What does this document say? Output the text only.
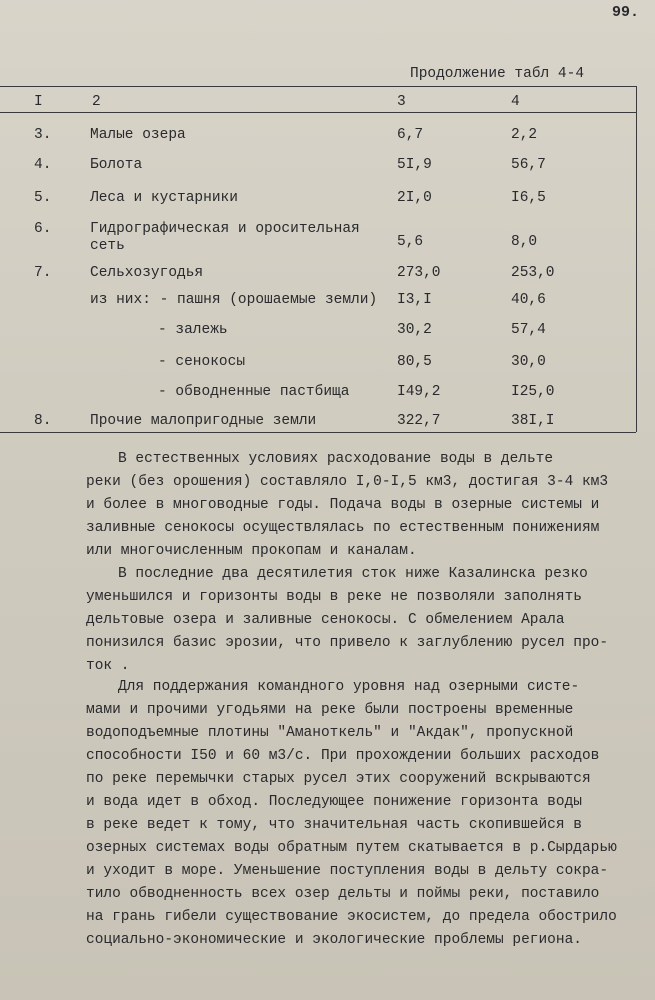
99.
Продолжение табл 4-4
I	2	3	4
3.	Малые озера	6,7	2,2
4.	Болота	5I,9	56,7
5.	Леса и кустарники	2I,0	I6,5
6.	Гидрографическая и оросительная
сеть	5,6	8,0
7.	Сельхозугодья	273,0	253,0
из них: - пашня (орошаемые земли) I3,I	40,6
- залежь	30,2	57,4
- сенокосы	80,5	30,0
- обводненные пастбища	I49,2	I25,0
8.	Прочие малопригодные земли	322,7	38I,I
В естественных условиях расходование воды в дельте
реки (без орошения) составляло I,0-I,5 км3, достигая 3-4 км3
и более в многоводные годы. Подача воды в озерные системы и
заливные сенокосы осуществлялась по естественным понижениям
или многочисленным прокопам и каналам.
В последние два десятилетия сток ниже Казалинска резко
уменьшился и горизонты воды в реке не позволяли заполнять
дельтовые озера и заливные сенокосы. С обмелением Арала
понизился базис эрозии, что привело к заглублению русел про-
ток .
Для поддержания командного уровня над озерными систе-
мами и прочими угодьями на реке были построены временные
водоподъемные плотины "Аманоткель" и "Акдак", пропускной
способности I50 и 60 м3/с. При прохождении больших расходов
по реке перемычки старых русел этих сооружений вскрываются
и вода идет в обход. Последующее понижение горизонта воды
в реке ведет к тому, что значительная часть скопившейся в
озерных системах воды обратным путем скатывается в р.Сырдарью
и уходит в море. Уменьшение поступления воды в дельту сокра-
тило обводненность всех озер дельты и поймы реки, поставило
на грань гибели существование экосистем, до предела обострило
социально-экономические и экологические проблемы региона.
